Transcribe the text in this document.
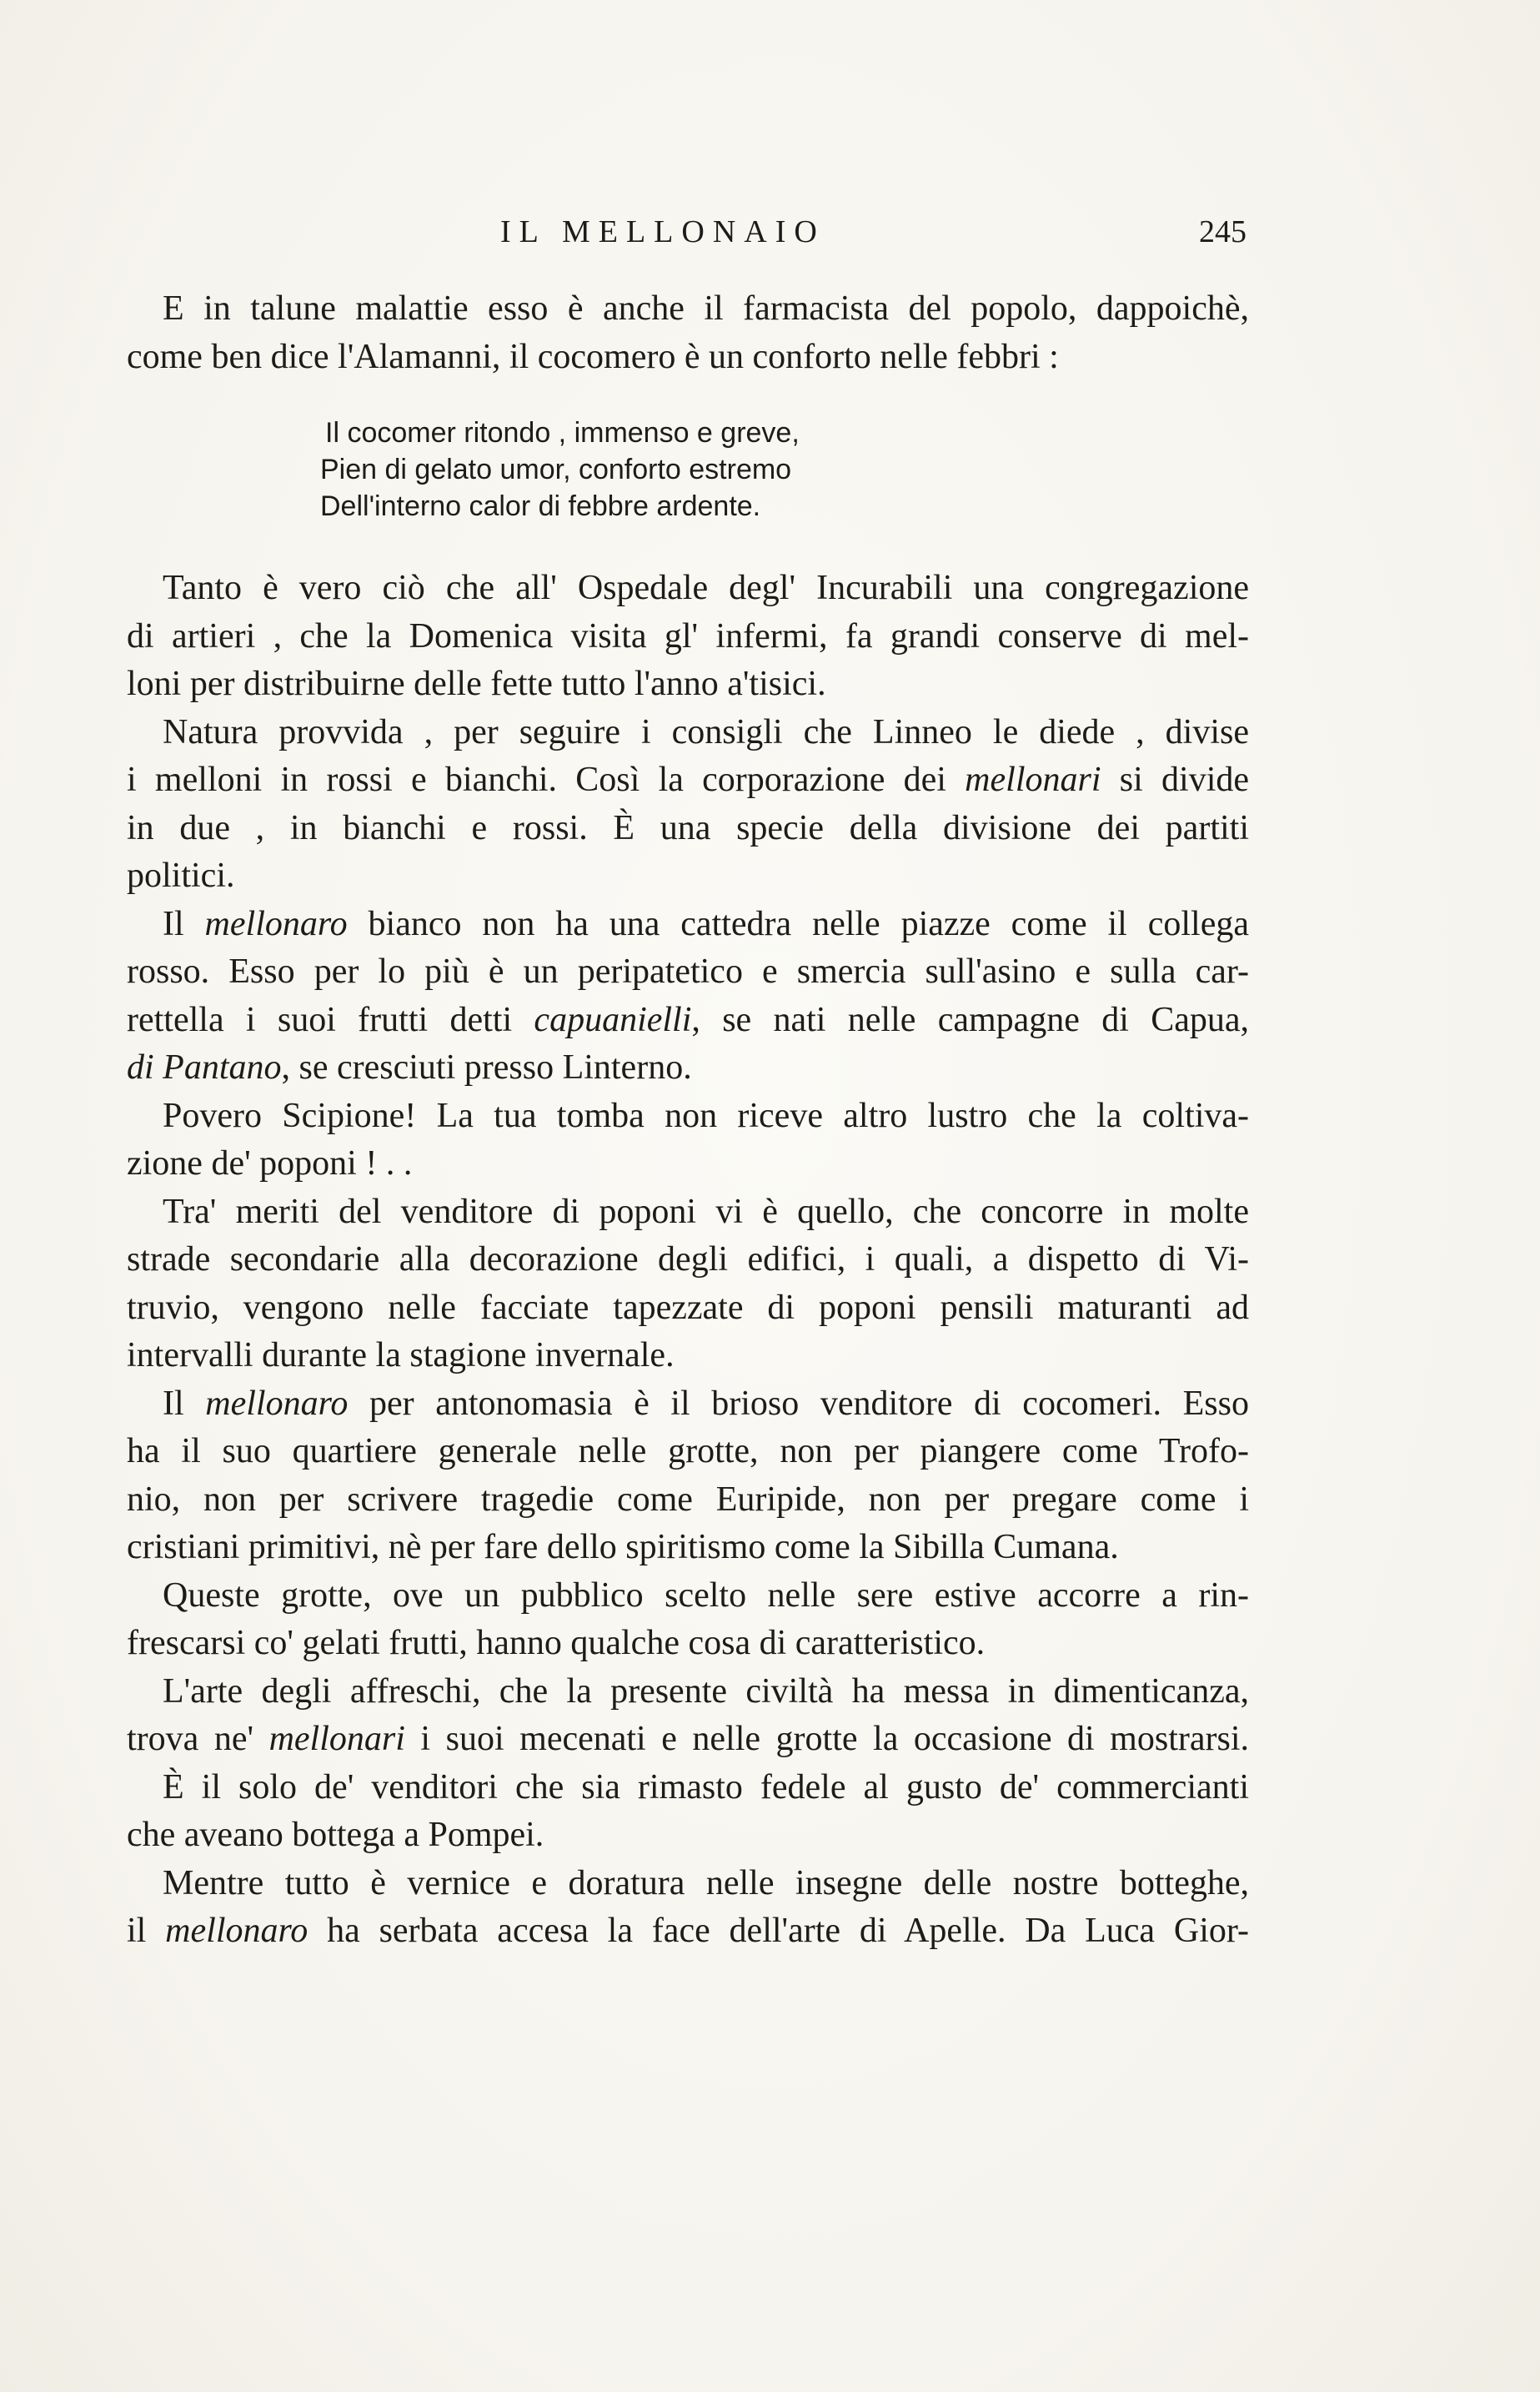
IL MELLONAIO	245
E in talune malattie esso è anche il farmacista del popolo, dappoichè,
come ben dice l'Alamanni, il cocomero è un conforto nelle febbri :
Il cocomer ritondo , immenso e greve,
Pien di gelato umor, conforto estremo
Dell'interno calor di febbre ardente.
Tanto è vero ciò che all' Ospedale degl' Incurabili una congregazione
di artieri , che la Domenica visita gl' infermi, fa grandi conserve di mel-
loni per distribuirne delle fette tutto l'anno a'tisici.
Natura provvida , per seguire i consigli che Linneo le diede , divise
i melloni in rossi e bianchi. Così la corporazione dei mellonari si divide
in due , in bianchi e rossi. È una specie della divisione dei partiti
politici.
Il mellonaro bianco non ha una cattedra nelle piazze come il collega
rosso. Esso per lo più è un peripatetico e smercia sull'asino e sulla car-
rettella i suoi frutti detti capuanielli, se nati nelle campagne di Capua,
di Pantano, se cresciuti presso Linterno.
Povero Scipione! La tua tomba non riceve altro lustro che la coltiva-
zione de' poponi ! . .
Tra' meriti del venditore di poponi vi è quello, che concorre in molte
strade secondarie alla decorazione degli edifici, i quali, a dispetto di Vi-
truvio, vengono nelle facciate tapezzate di poponi pensili maturanti ad
intervalli durante la stagione invernale.
Il mellonaro per antonomasia è il brioso venditore di cocomeri. Esso
ha il suo quartiere generale nelle grotte, non per piangere come Trofo-
nio, non per scrivere tragedie come Euripide, non per pregare come i
cristiani primitivi, nè per fare dello spiritismo come la Sibilla Cumana.
Queste grotte, ove un pubblico scelto nelle sere estive accorre a rin-
frescarsi co' gelati frutti, hanno qualche cosa di caratteristico.
L'arte degli affreschi, che la presente civiltà ha messa in dimenticanza,
trova ne' mellonari i suoi mecenati e nelle grotte la occasione di mostrarsi.
È il solo de' venditori che sia rimasto fedele al gusto de' commercianti
che aveano bottega a Pompei.
Mentre tutto è vernice e doratura nelle insegne delle nostre botteghe,
il mellonaro ha serbata accesa la face dell'arte di Apelle. Da Luca Gior-
